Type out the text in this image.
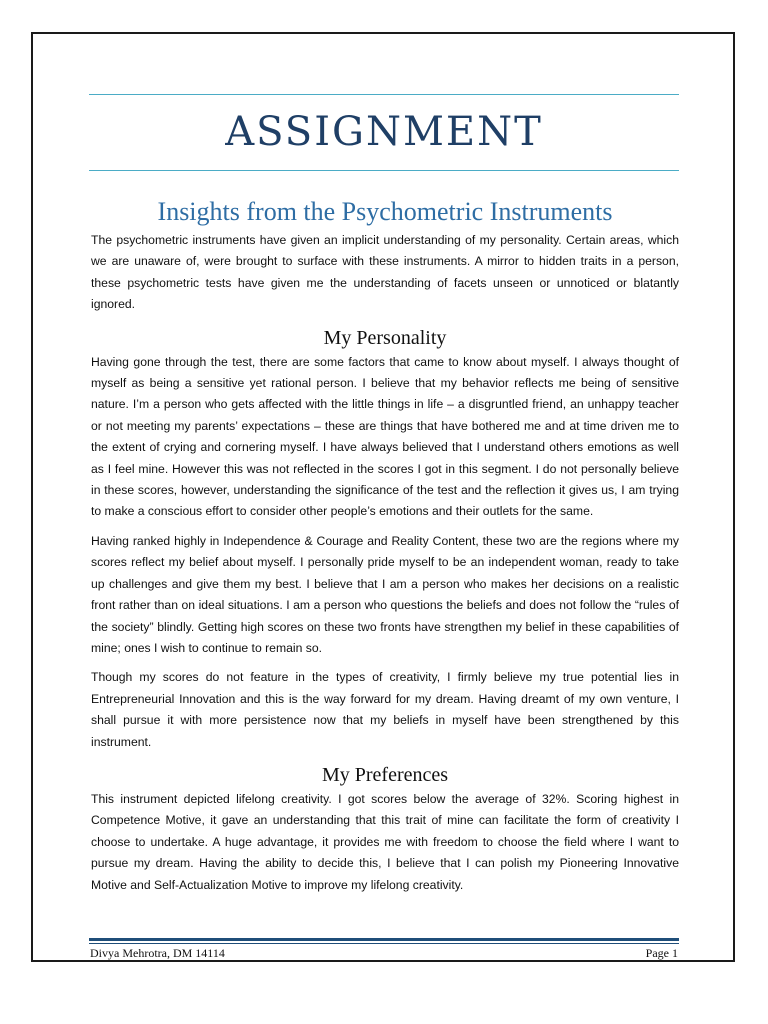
ASSIGNMENT
Insights from the Psychometric Instruments

The psychometric instruments have given an implicit understanding of my personality. Certain areas, which we are unaware of, were brought to surface with these instruments. A mirror to hidden traits in a person, these psychometric tests have given me the understanding of facets unseen or unnoticed or blatantly ignored.

My Personality

Having gone through the test, there are some factors that came to know about myself. I always thought of myself as being a sensitive yet rational person. I believe that my behavior reflects me being of sensitive nature. I’m a person who gets affected with the little things in life – a disgruntled friend, an unhappy teacher or not meeting my parents’ expectations – these are things that have bothered me and at time driven me to the extent of crying and cornering myself. I have always believed that I understand others emotions as well as I feel mine. However this was not reflected in the scores I got in this segment. I do not personally believe in these scores, however, understanding the significance of the test and the reflection it gives us, I am trying to make a conscious effort to consider other people’s emotions and their outlets for the same.

Having ranked highly in Independence & Courage and Reality Content, these two are the regions where my scores reflect my belief about myself. I personally pride myself to be an independent woman, ready to take up challenges and give them my best. I believe that I am a person who makes her decisions on a realistic front rather than on ideal situations. I am a person who questions the beliefs and does not follow the “rules of the society” blindly. Getting high scores on these two fronts have strengthen my belief in these capabilities of mine; ones I wish to continue to remain so.

Though my scores do not feature in the types of creativity, I firmly believe my true potential lies in Entrepreneurial Innovation and this is the way forward for my dream. Having dreamt of my own venture, I shall pursue it with more persistence now that my beliefs in myself have been strengthened by this instrument.

My Preferences

This instrument depicted lifelong creativity. I got scores below the average of 32%. Scoring highest in Competence Motive, it gave an understanding that this trait of mine can facilitate the form of creativity I choose to undertake. A huge advantage, it provides me with freedom to choose the field where I want to pursue my dream. Having the ability to decide this, I believe that I can polish my Pioneering Innovative Motive and Self-Actualization Motive to improve my lifelong creativity.

Divya Mehrotra, DM 14114	Page 1
